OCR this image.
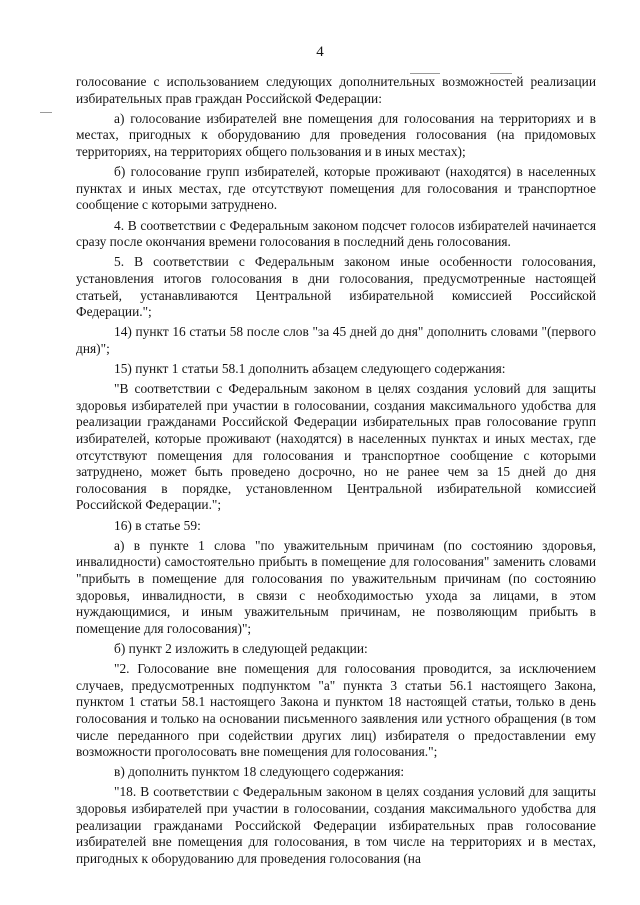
4

голосование с использованием следующих дополнительных возможностей реализации избирательных прав граждан Российской Федерации:

а) голосование избирателей вне помещения для голосования на территориях и в местах, пригодных к оборудованию для проведения голосования (на придомовых территориях, на территориях общего пользования и в иных местах);

б) голосование групп избирателей, которые проживают (находятся) в населенных пунктах и иных местах, где отсутствуют помещения для голосования и транспортное сообщение с которыми затруднено.

4. В соответствии с Федеральным законом подсчет голосов избирателей начинается сразу после окончания времени голосования в последний день голосования.

5. В соответствии с Федеральным законом иные особенности голосования, установления итогов голосования в дни голосования, предусмотренные настоящей статьей, устанавливаются Центральной избирательной комиссией Российской Федерации.";

14) пункт 16 статьи 58 после слов "за 45 дней до дня" дополнить словами "(первого дня)";

15) пункт 1 статьи 58.1 дополнить абзацем следующего содержания:

"В соответствии с Федеральным законом в целях создания условий для защиты здоровья избирателей при участии в голосовании, создания максимального удобства для реализации гражданами Российской Федерации избирательных прав голосование групп избирателей, которые проживают (находятся) в населенных пунктах и иных местах, где отсутствуют помещения для голосования и транспортное сообщение с которыми затруднено, может быть проведено досрочно, но не ранее чем за 15 дней до дня голосования в порядке, установленном Центральной избирательной комиссией Российской Федерации.";

16) в статье 59:

а) в пункте 1 слова "по уважительным причинам (по состоянию здоровья, инвалидности) самостоятельно прибыть в помещение для голосования" заменить словами "прибыть в помещение для голосования по уважительным причинам (по состоянию здоровья, инвалидности, в связи с необходимостью ухода за лицами, в этом нуждающимися, и иным уважительным причинам, не позволяющим прибыть в помещение для голосования)";

б) пункт 2 изложить в следующей редакции:

"2. Голосование вне помещения для голосования проводится, за исключением случаев, предусмотренных подпунктом "а" пункта 3 статьи 56.1 настоящего Закона, пунктом 1 статьи 58.1 настоящего Закона и пунктом 18 настоящей статьи, только в день голосования и только на основании письменного заявления или устного обращения (в том числе переданного при содействии других лиц) избирателя о предоставлении ему возможности проголосовать вне помещения для голосования.";

в) дополнить пунктом 18 следующего содержания:

"18. В соответствии с Федеральным законом в целях создания условий для защиты здоровья избирателей при участии в голосовании, создания максимального удобства для реализации гражданами Российской Федерации избирательных прав голосование избирателей вне помещения для голосования, в том числе на территориях и в местах, пригодных к оборудованию для проведения голосования (на
